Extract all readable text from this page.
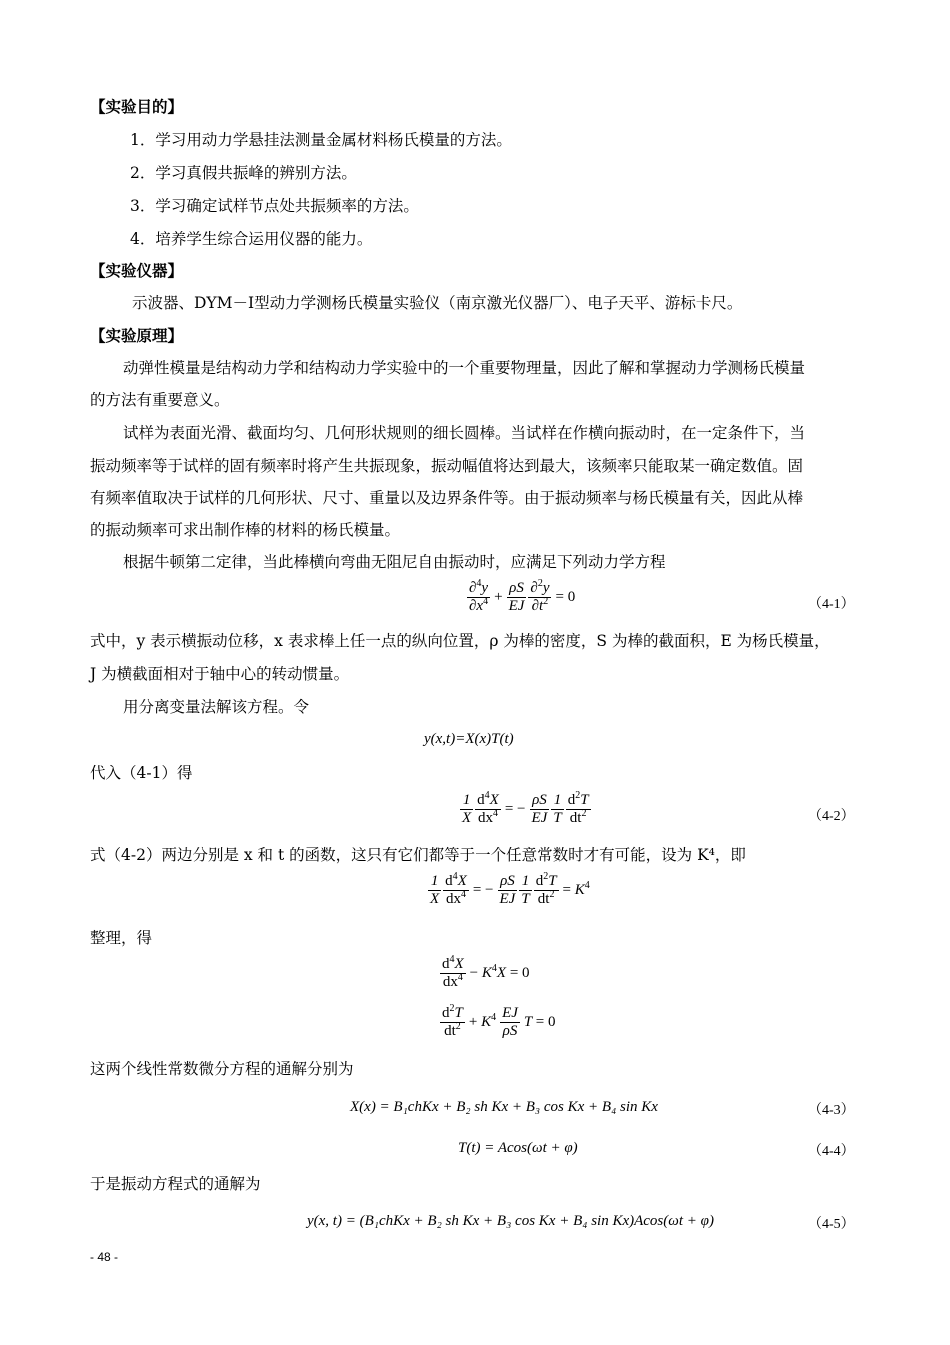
【实验目的】
1．学习用动力学悬挂法测量金属材料杨氏模量的方法。
2．学习真假共振峰的辨别方法。
3．学习确定试样节点处共振频率的方法。
4．培养学生综合运用仪器的能力。
【实验仪器】
示波器、DYM－I型动力学测杨氏模量实验仪（南京激光仪器厂）、电子天平、游标卡尺。
【实验原理】
动弹性模量是结构动力学和结构动力学实验中的一个重要物理量，因此了解和掌握动力学测杨氏模量
的方法有重要意义。
试样为表面光滑、截面均匀、几何形状规则的细长圆棒。当试样在作横向振动时，在一定条件下，当
振动频率等于试样的固有频率时将产生共振现象，振动幅值将达到最大，该频率只能取某一确定数值。固
有频率值取决于试样的几何形状、尺寸、重量以及边界条件等。由于振动频率与杨氏模量有关，因此从棒
的振动频率可求出制作棒的材料的杨氏模量。
根据牛顿第二定律，当此棒横向弯曲无阻尼自由振动时，应满足下列动力学方程
$\frac{\partial^4y}{\partial x^4} + \frac{\rho S}{EJ} \frac{\partial^2y}{\partial t^2} = 0$	（4-1）
式中，y 表示横振动位移，x 表求棒上任一点的纵向位置，ρ 为棒的密度，S 为棒的截面积，E 为杨氏模量，
J 为横截面相对于轴中心的转动惯量。
用分离变量法解该方程。令
y(x,t)=X(x)T(t)
代入（4-1）得
$\frac{1}{X} \frac{d^4X}{dx^4}$ = − $\frac{\rho S}{EJ} \frac{1}{T} \frac{d^2T}{dt^2}$	（4-2）
式（4-2）两边分别是 x 和 t 的函数，这只有它们都等于一个任意常数时才有可能，设为 K⁴，即
$\frac{1}{X} \frac{d^4X}{dx^4}$ = − $\frac{\rho S}{EJ} \frac{1}{T} \frac{d^2T}{dt^2} = K^4$
整理，得
$\frac{d^4X}{dx^4} - K^4X = 0$
$\frac{d^2T}{dt^2} + K^4 \frac{EJ}{\rho S}$ T = 0
这两个线性常数微分方程的通解分别为
X(x) = B₁chKx + B₂ sh Kx + B₃ cos Kx + B₄ sin Kx	（4-3）
T(t) = Acos(ωt + φ)	（4-4）
于是振动方程式的通解为
y(x, t) = (B₁chKx + B₂ sh Kx + B₃ cos Kx + B₄ sin Kx)Acos(ωt + φ)	（4-5）
- 48 -
